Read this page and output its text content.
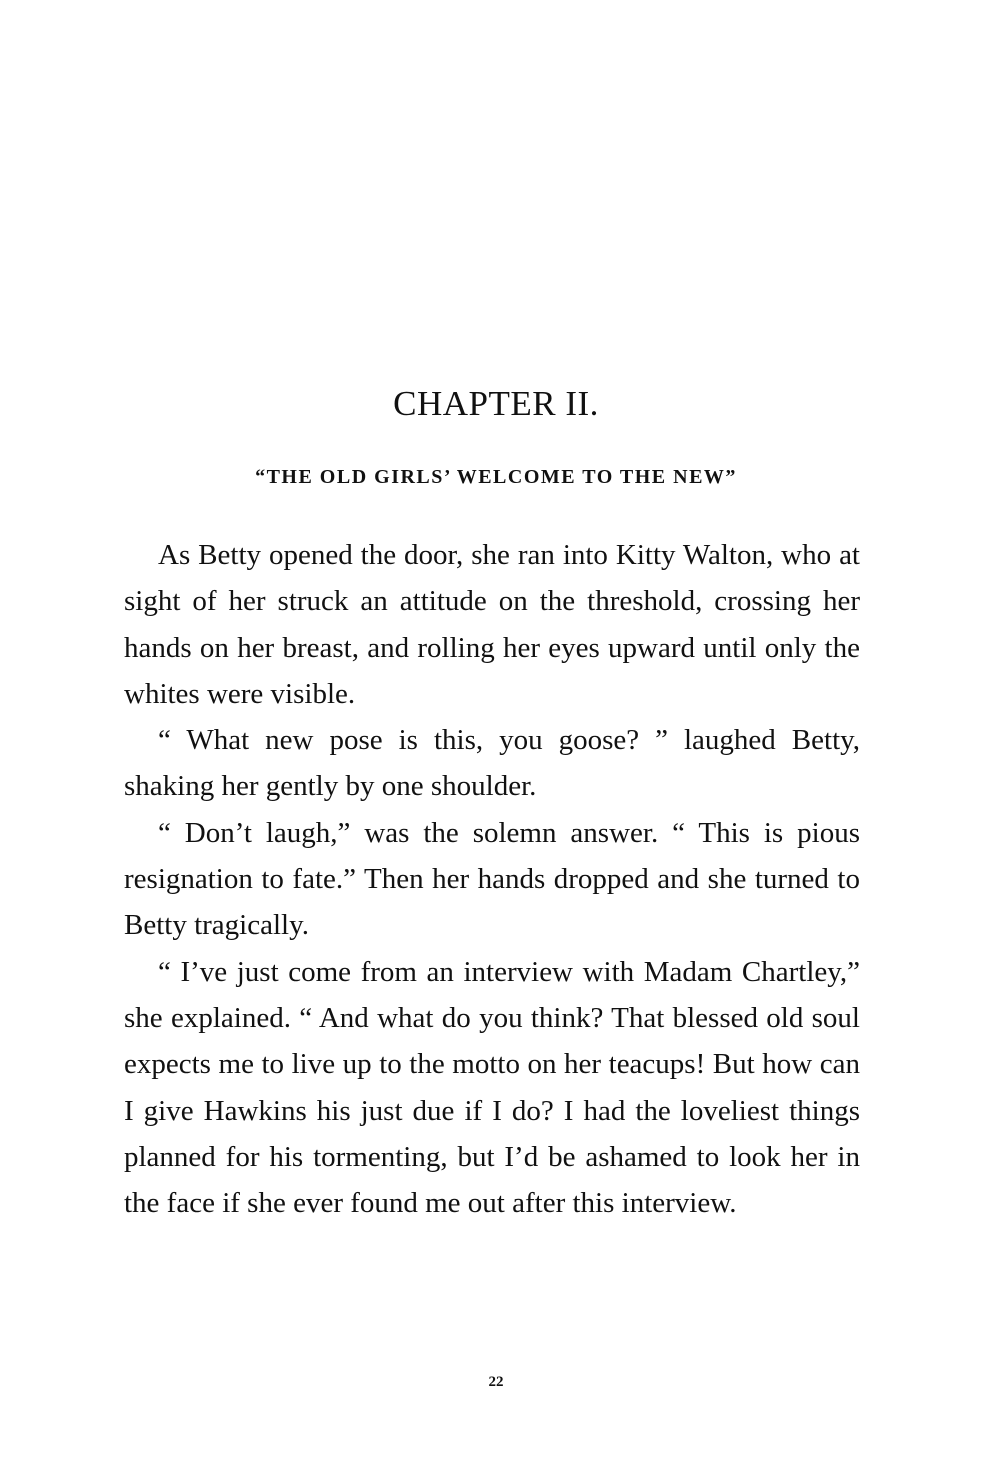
CHAPTER II.
“THE OLD GIRLS’ WELCOME TO THE NEW”

As Betty opened the door, she ran into Kitty Walton, who at sight of her struck an attitude on the threshold, crossing her hands on her breast, and rolling her eyes upward until only the whites were visible.

“ What new pose is this, you goose? ” laughed Betty, shaking her gently by one shoulder.

“ Don’t laugh,” was the solemn answer. “ This is pious resignation to fate.” Then her hands dropped and she turned to Betty tragically.

“ I’ve just come from an interview with Madam Chartley,” she explained. “ And what do you think? That blessed old soul expects me to live up to the motto on her teacups! But how can I give Hawkins his just due if I do? I had the loveliest things planned for his tormenting, but I’d be ashamed to look her in the face if she ever found me out after this interview.

22
